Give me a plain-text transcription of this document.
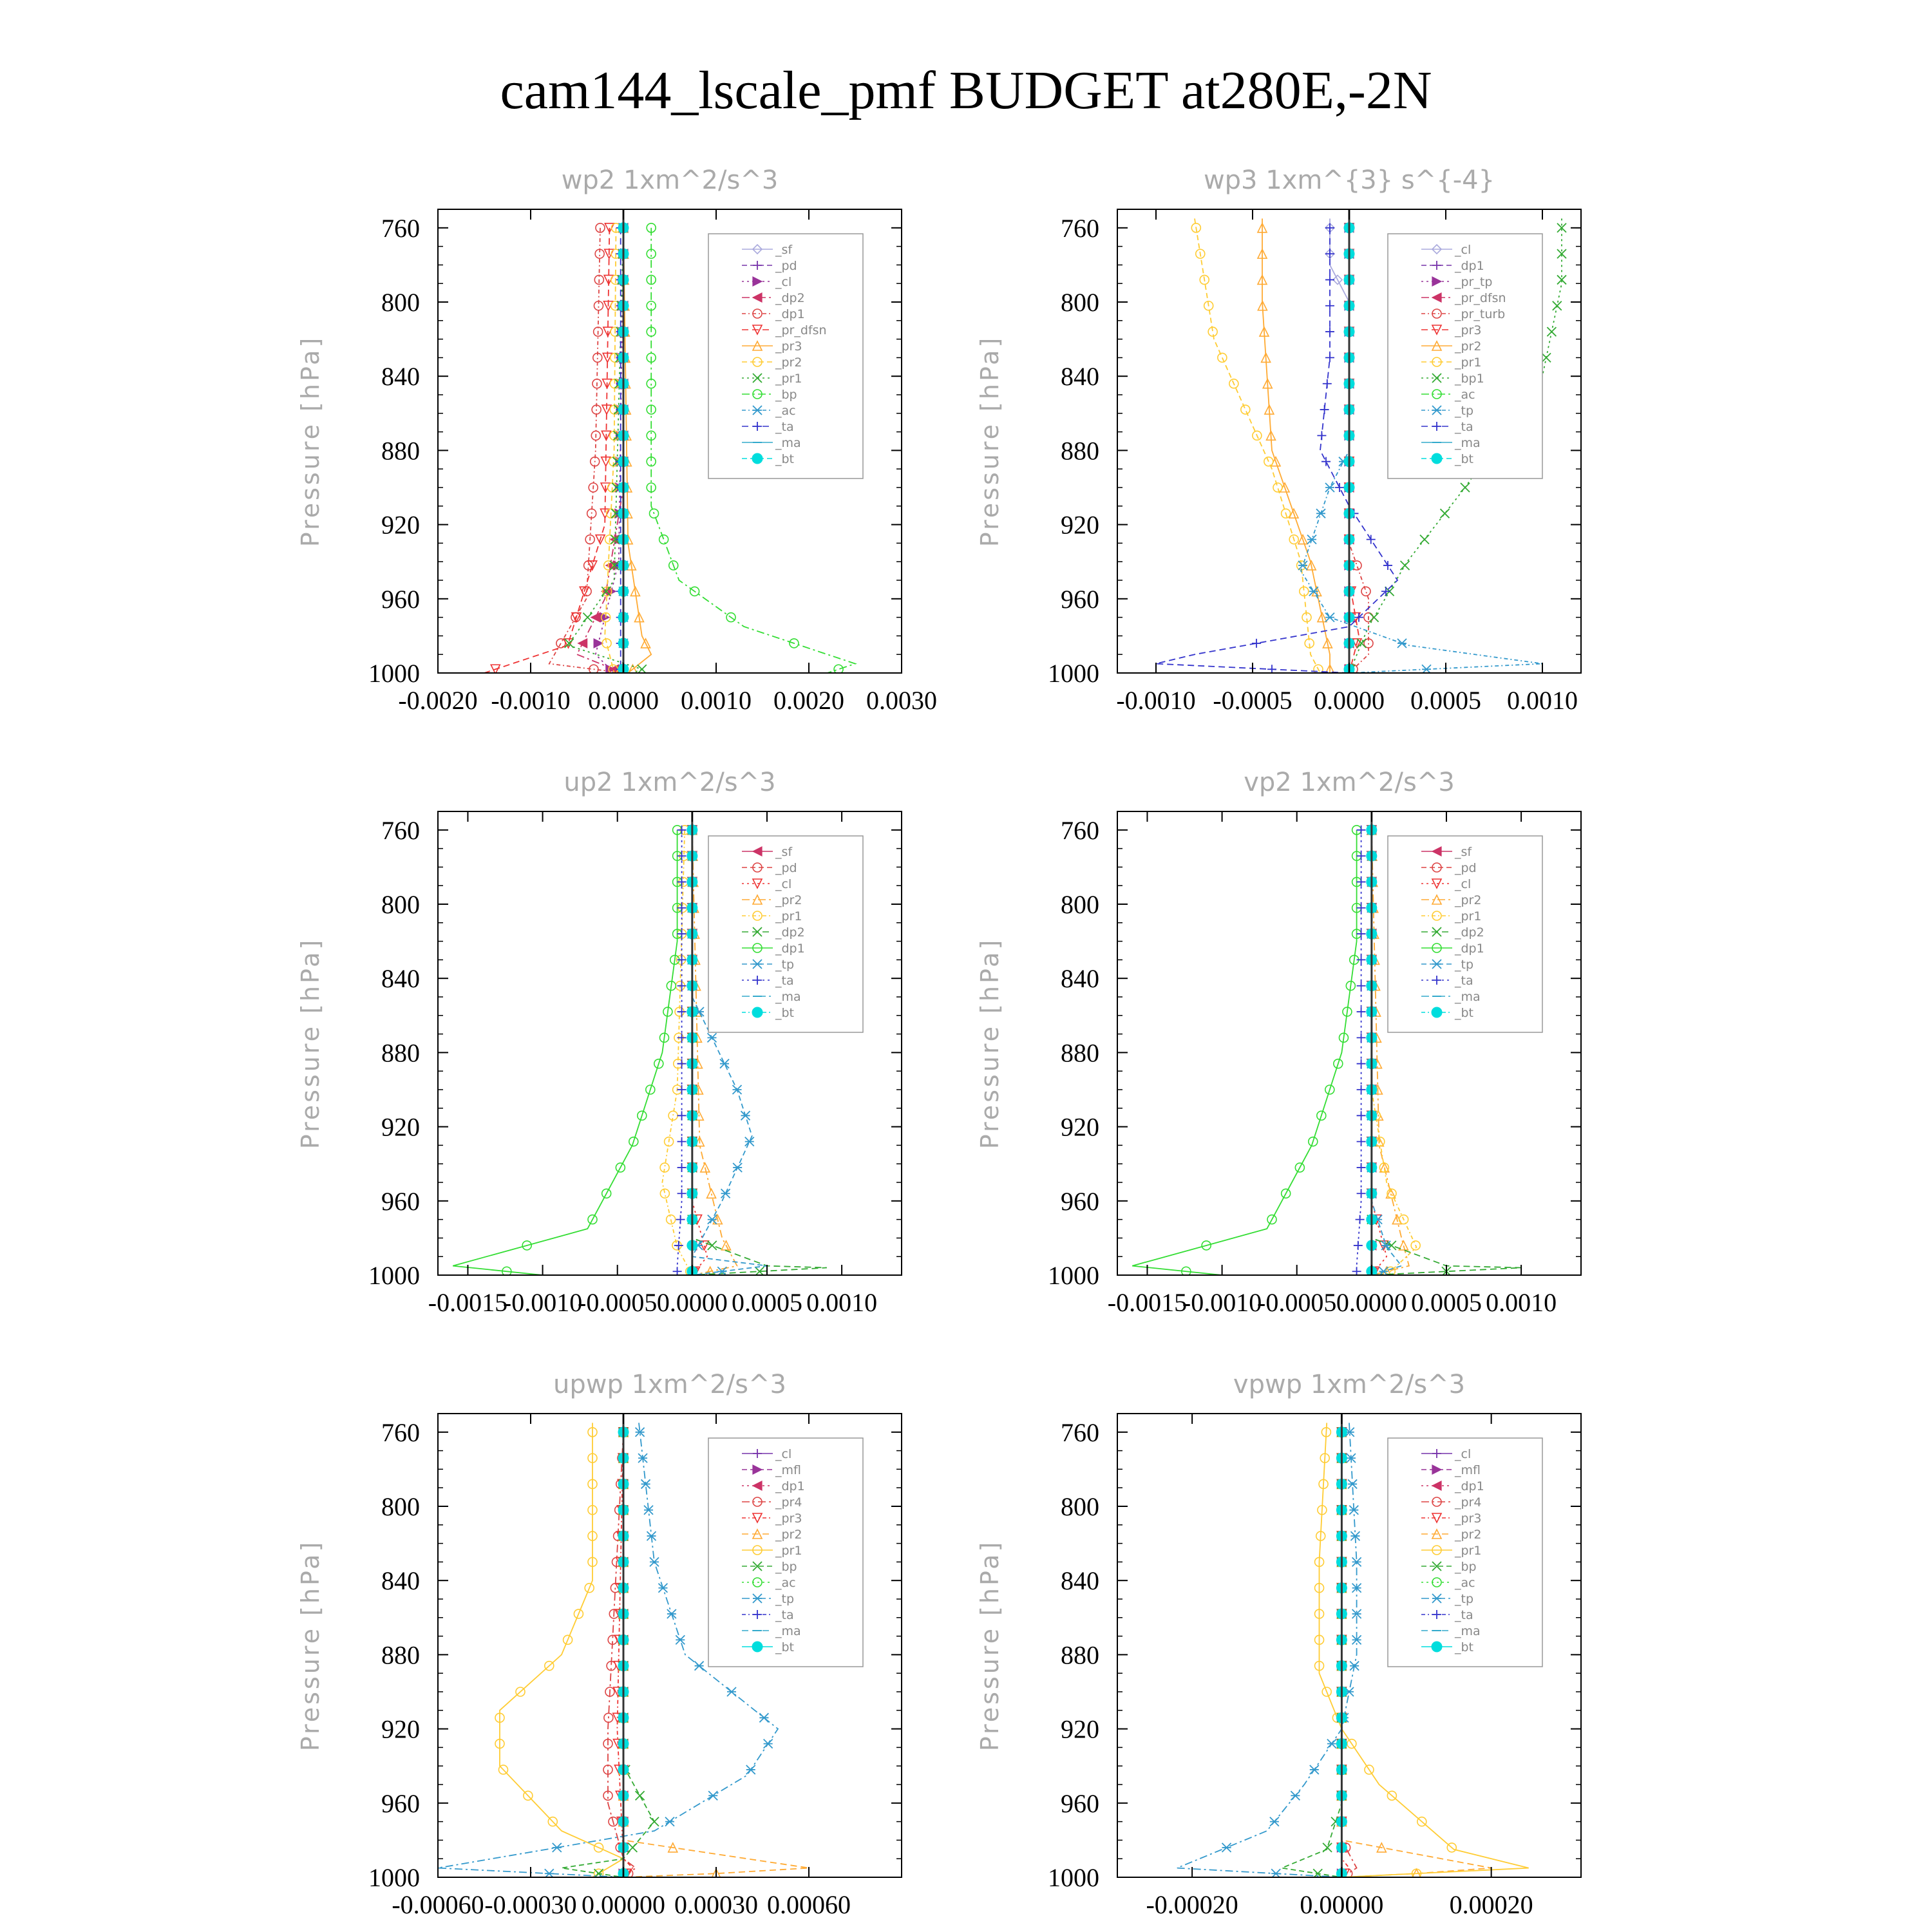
cam144_lscale_pmf BUDGET at280E,-2N
wp2 1xm^2/s^3
Pressure [hPa]
760
800
840
880
920
960
1000
-0.0020 -0.0010 0.0000 0.0010 0.0020 0.0030
_sf
_pd
_cl
_dp2
_dp1
_pr_dfsn
_pr3
_pr2
_pr1
_bp
_ac
_ta
_ma
_bt
wp3 1xm^{3} s^{-4}
Pressure [hPa]
760
800
840
880
920
960
1000
-0.0010 -0.0005 0.0000 0.0005 0.0010
_cl
_dp1
_pr_tp
_pr_dfsn
_pr_turb
_pr3
_pr2
_pr1
_bp1
_ac
_tp
_ta
_ma
_bt
up2 1xm^2/s^3
Pressure [hPa]
760
800
840
880
920
960
1000
-0.0015
-0.0010
-0.0005 0.0000 0.0005 0.0010
_sf
_pd
_cl
_pr2
_pr1
_dp2
_dp1
_tp
_ta
_ma
_bt
vp2 1xm^2/s^3
Pressure [hPa]
760
800
840
880
920
960
1000
-0.0015
-0.0010
-0.0005 0.0000 0.0005 0.0010
_sf
_pd
_cl
_pr2
_pr1
_dp2
_dp1
_tp
_ta
_ma
_bt
upwp 1xm^2/s^3
Pressure [hPa]
760
800
840
880
920
960
1000
-0.00060 -0.00030 0.00000 0.00030 0.00060
_cl
_mfl
_dp1
_pr4
_pr3
_pr2
_pr1
_bp
_ac
_tp
_ta
_ma
_bt
vpwp 1xm^2/s^3
Pressure [hPa]
760
800
840
880
920
960
1000
-0.00020 0.00000	0.00020
_cl
_mfl
_dp1
_pr4
_pr3
_pr2
_pr1
_bp
_ac
_tp
_ta
_ma
_bt
